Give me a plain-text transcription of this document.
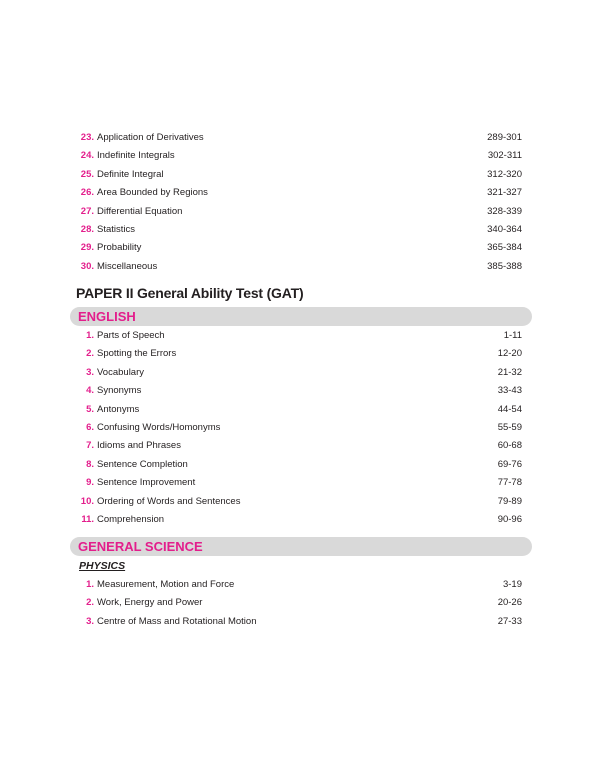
23. Application of Derivatives	289-301
24. Indefinite Integrals	302-311
25. Definite Integral	312-320
26. Area Bounded by Regions	321-327
27. Differential Equation	328-339
28. Statistics	340-364
29. Probability	365-384
30. Miscellaneous	385-388
PAPER II General Ability Test (GAT)
ENGLISH
1. Parts of Speech	1-11
2. Spotting the Errors	12-20
3. Vocabulary	21-32
4. Synonyms	33-43
5. Antonyms	44-54
6. Confusing Words/Homonyms	55-59
7. Idioms and Phrases	60-68
8. Sentence Completion	69-76
9. Sentence Improvement	77-78
10. Ordering of Words and Sentences	79-89
11. Comprehension	90-96
GENERAL SCIENCE
PHYSICS
1. Measurement, Motion and Force	3-19
2. Work, Energy and Power	20-26
3. Centre of Mass and Rotational Motion	27-33
